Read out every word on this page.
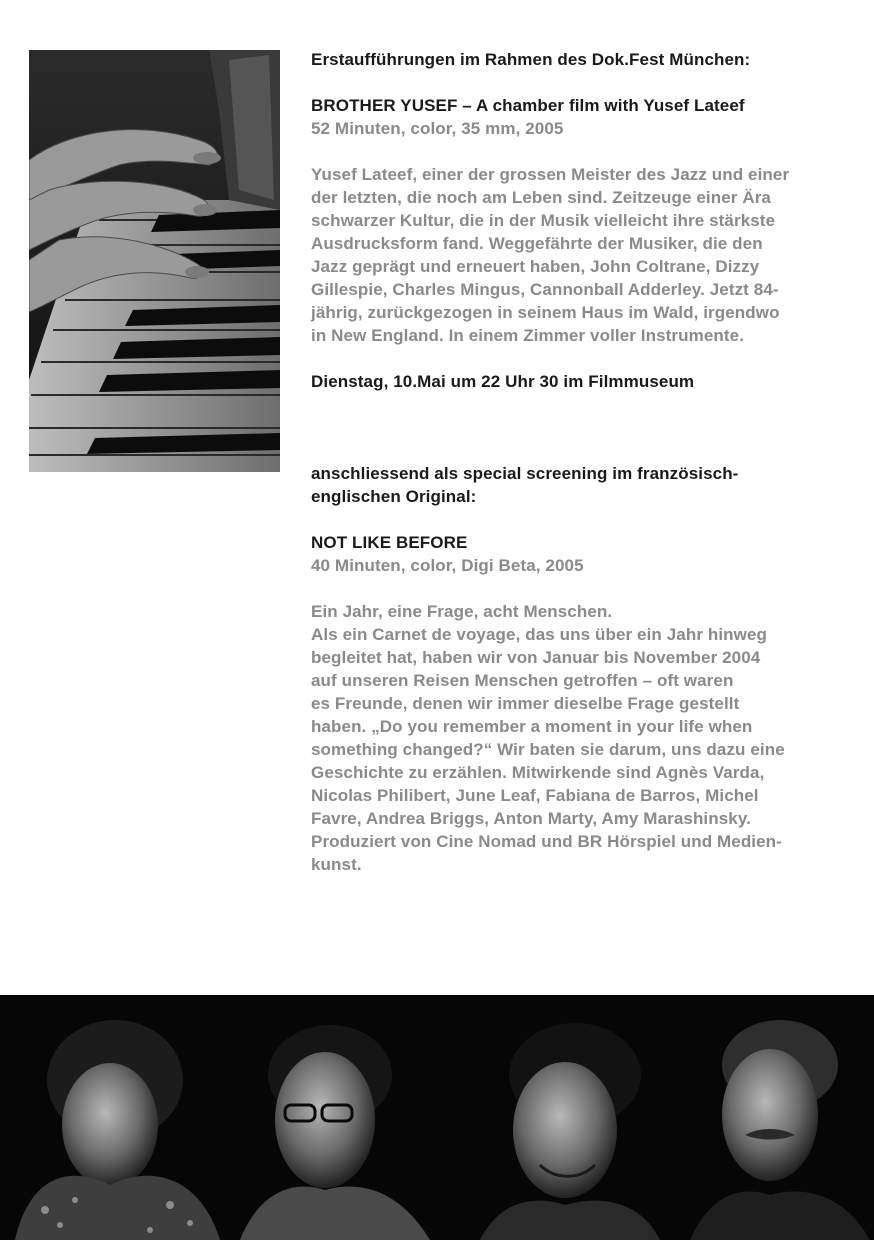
Erstaufführungen im Rahmen des Dok.Fest München:

BROTHER YUSEF – A chamber film with Yusef Lateef

52 Minuten, color, 35 mm, 2005

Yusef Lateef, einer der grossen Meister des Jazz und einer
der letzten, die noch am Leben sind. Zeitzeuge einer Ära
schwarzer Kultur, die in der Musik vielleicht ihre stärkste
Ausdrucksform fand. Weggefährte der Musiker, die den
Jazz geprägt und erneuert haben, John Coltrane, Dizzy
Gillespie, Charles Mingus, Cannonball Adderley. Jetzt 84-
jährig, zurückgezogen in seinem Haus im Wald, irgendwo
in New England. In einem Zimmer voller Instrumente.

Dienstag, 10.Mai um 22 Uhr 30 im Filmmuseum

anschliessend als special screening im französisch-
englischen Original:

NOT LIKE BEFORE

40 Minuten, color, Digi Beta, 2005

Ein Jahr, eine Frage, acht Menschen.

Als ein Carnet de voyage, das uns über ein Jahr hinweg
begleitet hat, haben wir von Januar bis November 2004
auf unseren Reisen Menschen getroffen – oft waren
es Freunde, denen wir immer dieselbe Frage gestellt
haben. „Do you remember a moment in your life when
something changed?“ Wir baten sie darum, uns dazu eine
Geschichte zu erzählen. Mitwirkende sind Agnès Varda,
Nicolas Philibert, June Leaf, Fabiana de Barros, Michel
Favre, Andrea Briggs, Anton Marty, Amy Marashinsky.
Produziert von Cine Nomad und BR Hörspiel und Medien-
kunst.
